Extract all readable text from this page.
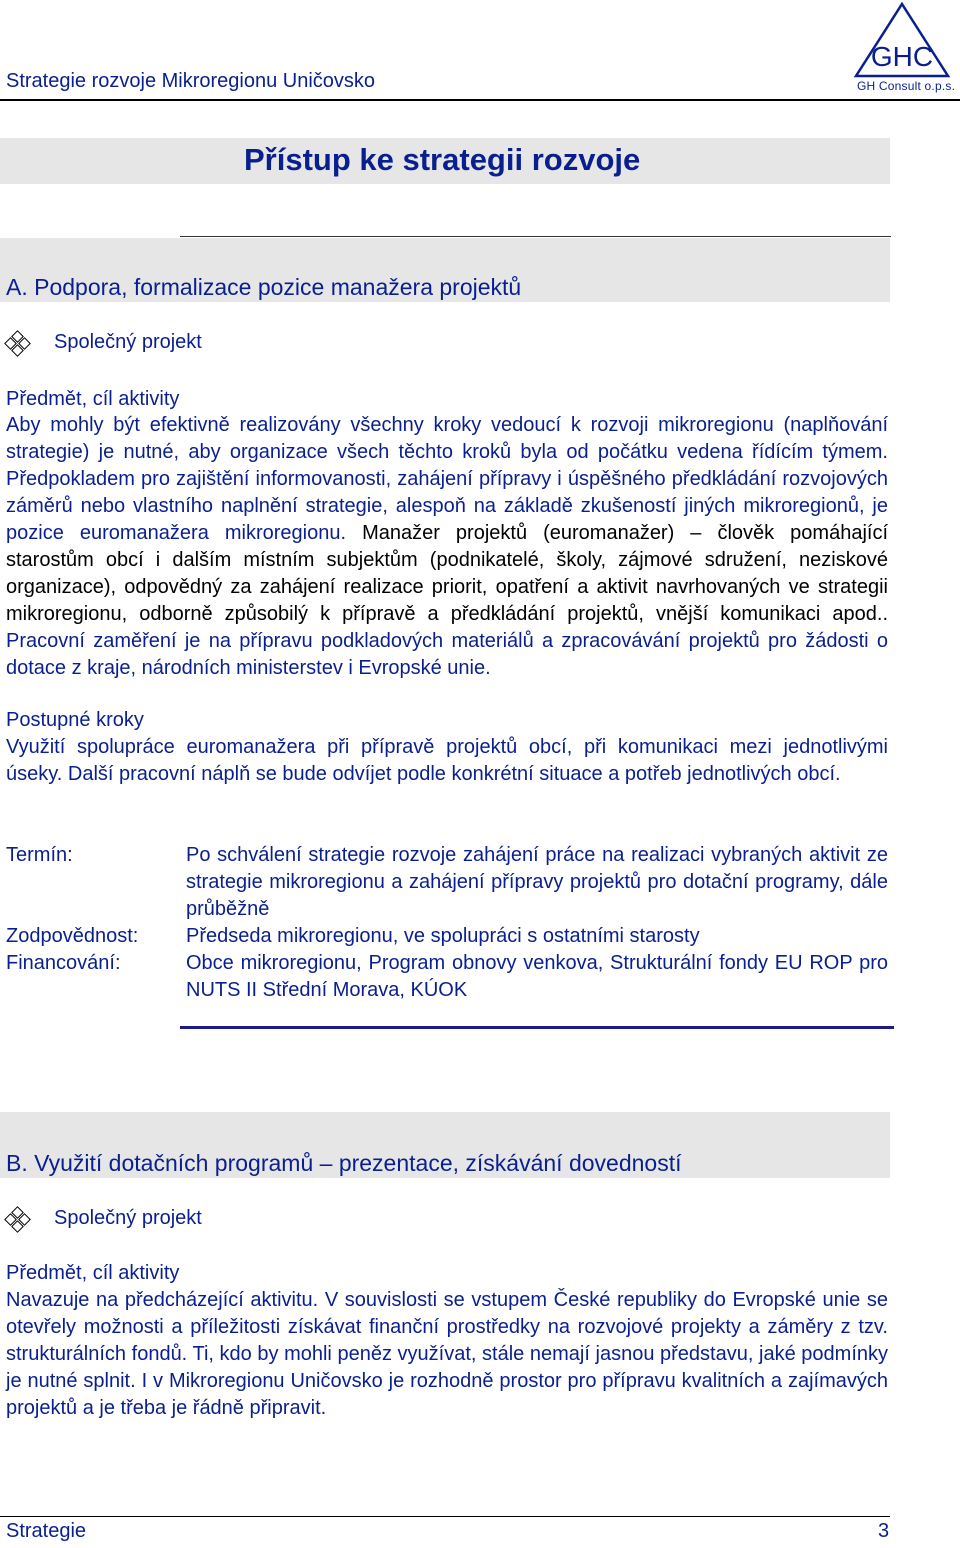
Strategie rozvoje Mikroregionu Uničovsko
GHC
GH Consult o.p.s.
Přístup ke strategii rozvoje
A. Podpora, formalizace pozice manažera projektů
Společný projekt
Předmět, cíl aktivity
Aby mohly být efektivně realizovány všechny kroky vedoucí k rozvoji mikroregionu (naplňování strategie) je nutné, aby organizace všech těchto kroků byla od počátku vedena řídícím týmem. Předpokladem pro zajištění informovanosti, zahájení přípravy i úspěšného předkládání rozvojových záměrů nebo vlastního naplnění strategie, alespoň na základě zkušeností jiných mikroregionů, je pozice euromanažera mikroregionu. Manažer projektů (euromanažer) – člověk pomáhající starostům obcí i dalším místním subjektům (podnikatelé, školy, zájmové sdružení, neziskové organizace), odpovědný za zahájení realizace priorit, opatření a aktivit navrhovaných ve strategii mikroregionu, odborně způsobilý k přípravě a předkládání projektů, vnější komunikaci apod.. Pracovní zaměření je na přípravu podkladových materiálů a zpracovávání projektů pro žádosti o dotace z kraje, národních ministerstev i Evropské unie.
Postupné kroky
Využití spolupráce euromanažera při přípravě projektů obcí, při komunikaci mezi jednotlivými úseky. Další pracovní náplň se bude odvíjet podle konkrétní situace a potřeb jednotlivých obcí.
Termín:	Po schválení strategie rozvoje zahájení práce na realizaci vybraných aktivit ze strategie mikroregionu a zahájení přípravy projektů pro dotační programy, dále průběžně
Zodpovědnost: Předseda mikroregionu, ve spolupráci s ostatními starosty
Financování:	Obce mikroregionu, Program obnovy venkova, Strukturální fondy EU ROP pro NUTS II Střední Morava, KÚOK
B. Využití dotačních programů – prezentace, získávání dovedností
Společný projekt
Předmět, cíl aktivity
Navazuje na předcházející aktivitu. V souvislosti se vstupem České republiky do Evropské unie se otevřely možnosti a příležitosti získávat finanční prostředky na rozvojové projekty a záměry z tzv. strukturálních fondů. Ti, kdo by mohli peněz využívat, stále nemají jasnou představu, jaké podmínky je nutné splnit. I v Mikroregionu Uničovsko je rozhodně prostor pro přípravu kvalitních a zajímavých projektů a je třeba je řádně připravit.
Strategie	3
